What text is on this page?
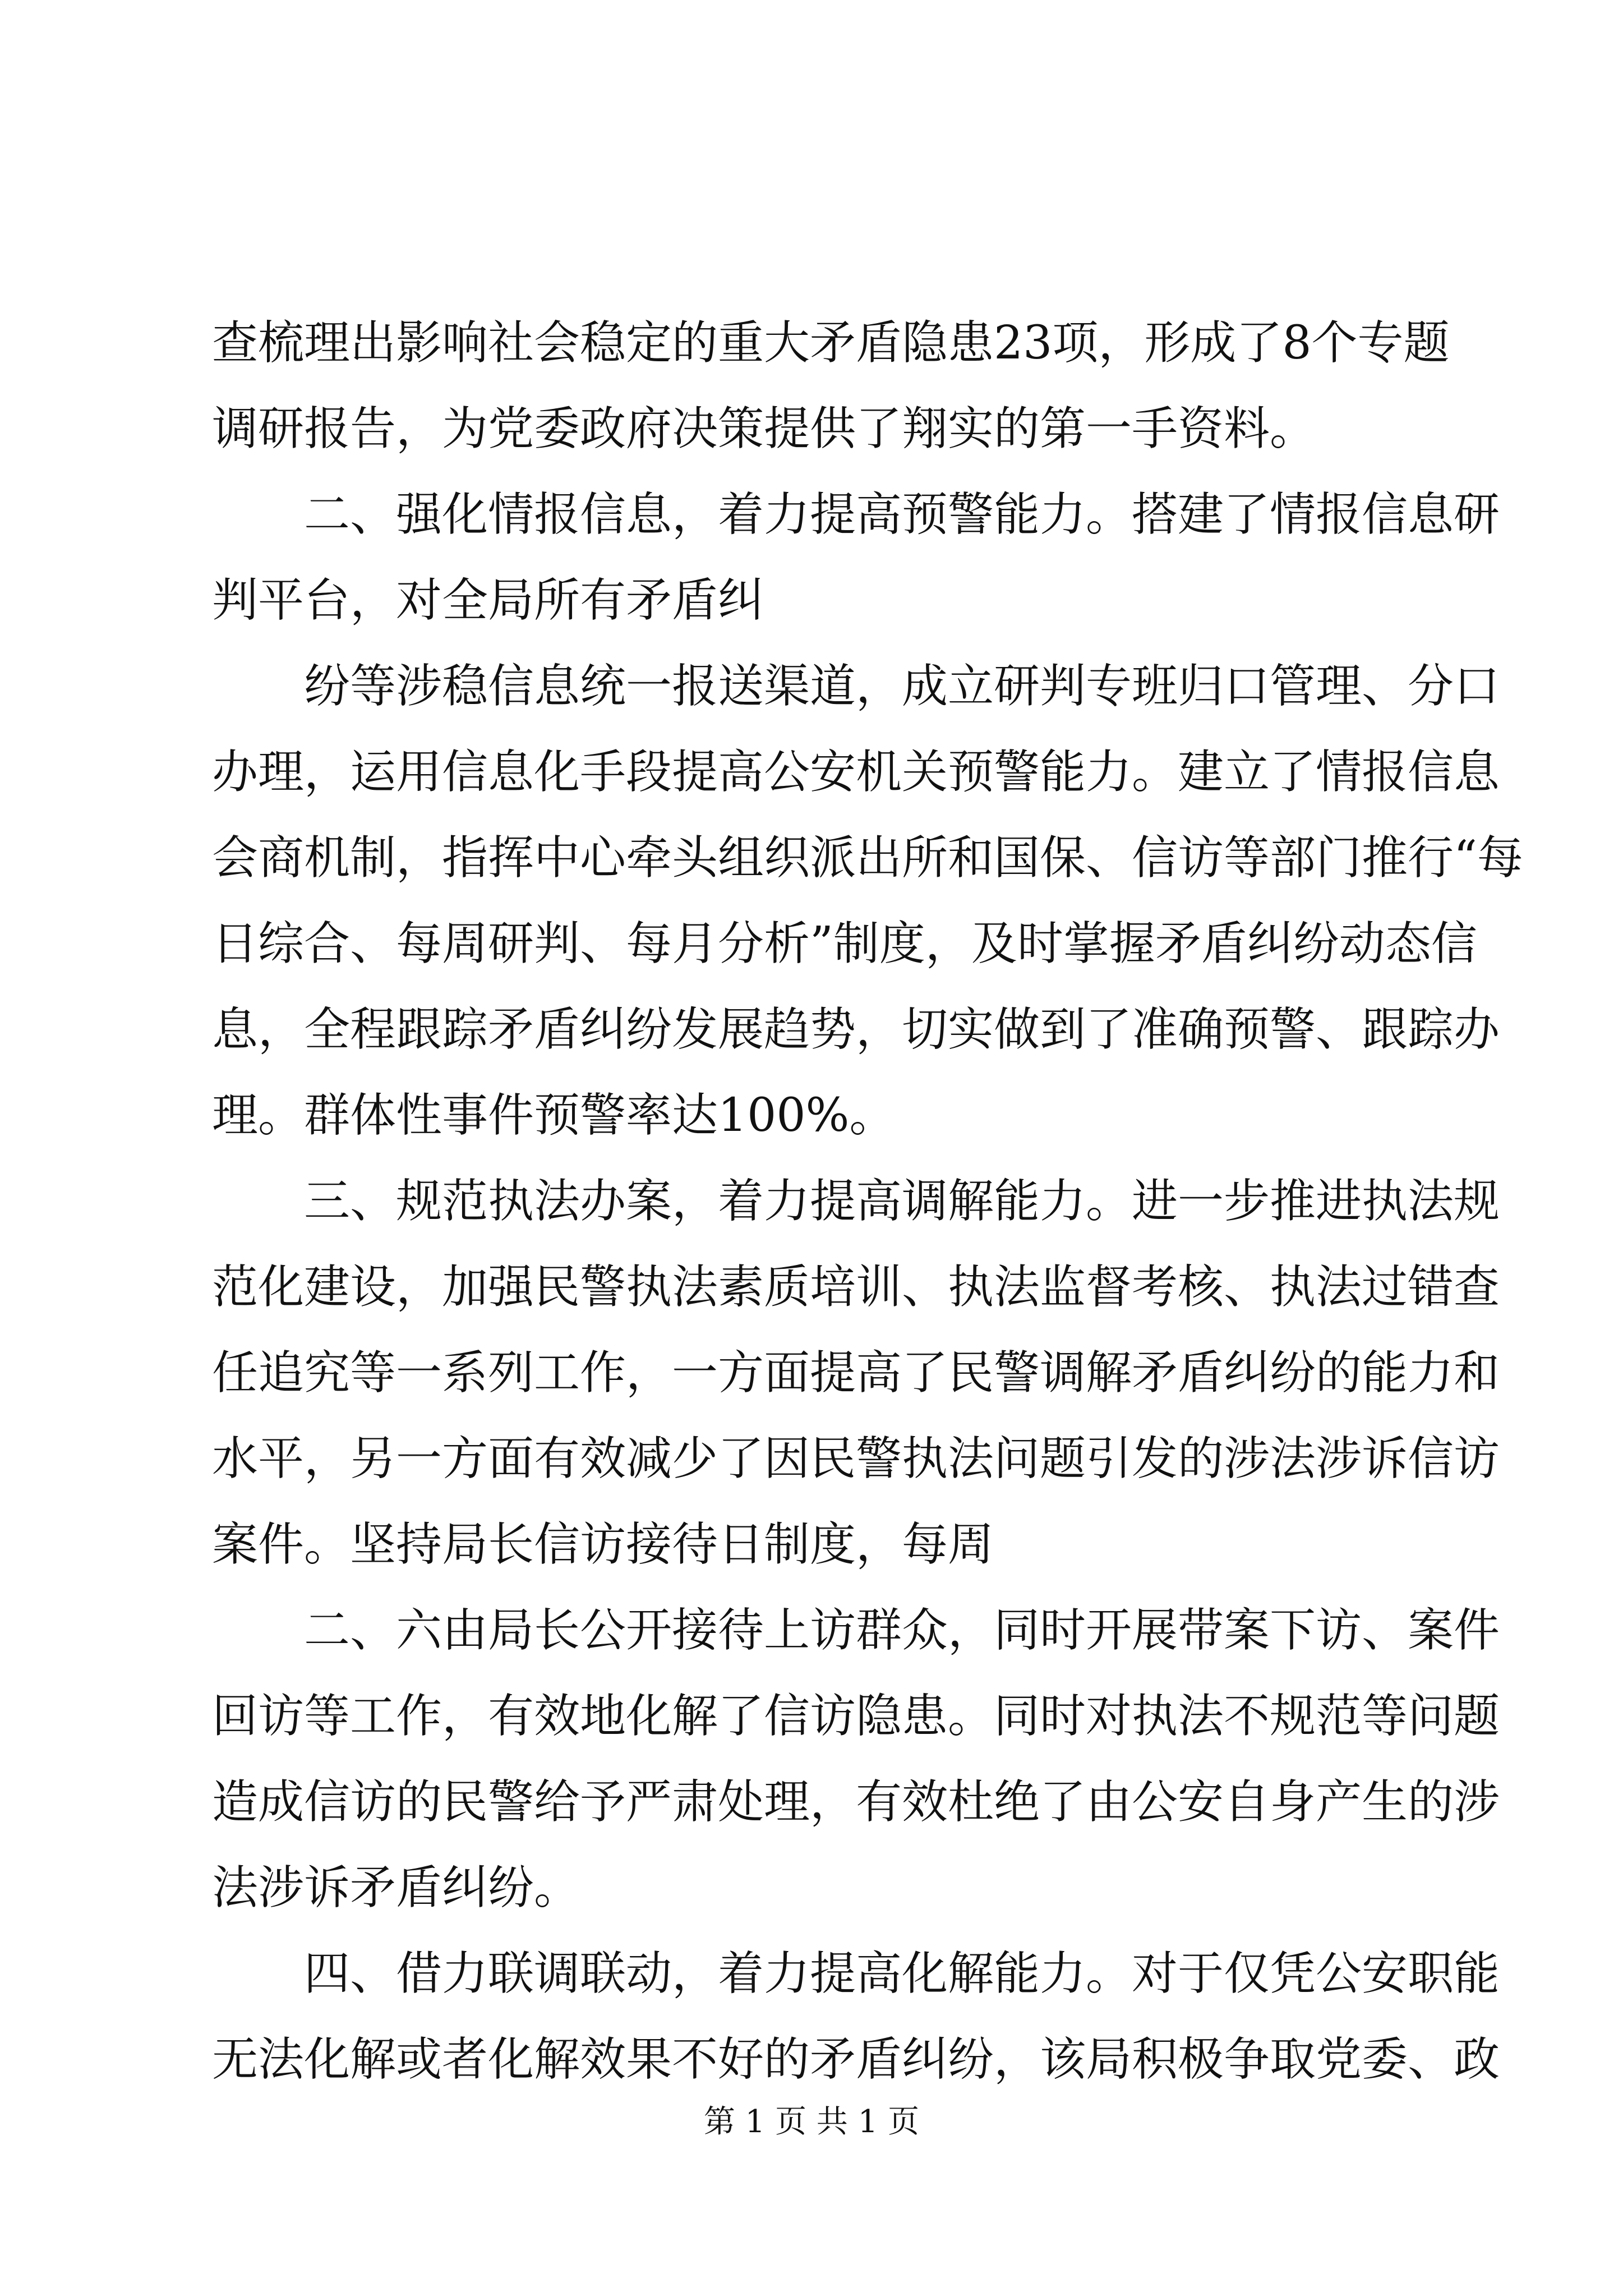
查梳理出影响社会稳定的重大矛盾隐患23项，形成了8个专题
调研报告，为党委政府决策提供了翔实的第一手资料。
二、强化情报信息，着力提高预警能力。搭建了情报信息研
判平台，对全局所有矛盾纠
纷等涉稳信息统一报送渠道，成立研判专班归口管理、分口
办理，运用信息化手段提高公安机关预警能力。建立了情报信息
会商机制，指挥中心牵头组织派出所和国保、信访等部门推行“每
日综合、每周研判、每月分析”制度，及时掌握矛盾纠纷动态信
息，全程跟踪矛盾纠纷发展趋势，切实做到了准确预警、跟踪办
理。群体性事件预警率达100%。
三、规范执法办案，着力提高调解能力。进一步推进执法规
范化建设，加强民警执法素质培训、执法监督考核、执法过错查
任追究等一系列工作，一方面提高了民警调解矛盾纠纷的能力和
水平，另一方面有效减少了因民警执法问题引发的涉法涉诉信访
案件。坚持局长信访接待日制度，每周
二、六由局长公开接待上访群众，同时开展带案下访、案件
回访等工作，有效地化解了信访隐患。同时对执法不规范等问题
造成信访的民警给予严肃处理，有效杜绝了由公安自身产生的涉
法涉诉矛盾纠纷。
四、借力联调联动，着力提高化解能力。对于仅凭公安职能
无法化解或者化解效果不好的矛盾纠纷，该局积极争取党委、政
第 1 页 共 1 页
